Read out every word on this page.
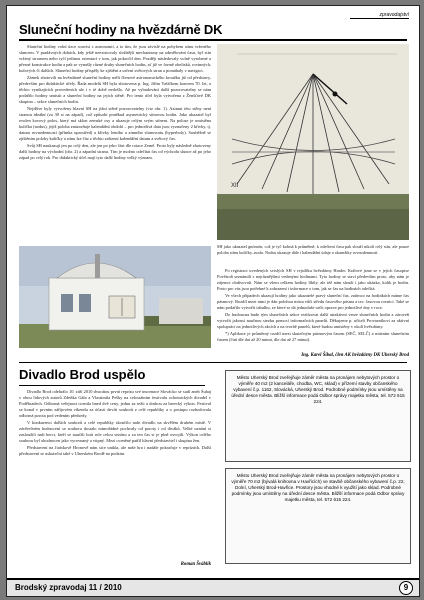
zpravodajství
Sluneční hodiny na hvězdárně DK

Sluneční hodiny volní úzce souvisí s astronomií, a to tím, že jsou závislé na pohybem stínu vrženého sluncem. V pradávných dobách, kdy ještě neexistovaly složitější mechanismy na odměřování času, byl stín vržený stromem nebo tyčí jedinou orientací v tom, jak pokročil den. Později následovaly volně vyrobené a přesné konstrukce hodin a pak se vynašly různé druhy slunečních hodin, ať již ve formě obelisků, rovinných, kulových či dalších. Sluneční hodiny přispěly ke zjištění a určení světových stran a pomáhaly v navigaci.

Zámek zhotovili na hvězdárně sluneční hodiny měli členové astronomického kroužku již od představy, především pro didaktické účely. Řada modelů SH byla zhotovena p. Ing. Jiřím Vašíčkem koncem 70. let, a těchto vynikajících provedeních ale i v té době nedošlo. Až po vybudování další pozorovatelny se nám podařilo hodiny umístit a sluneční hodiny na jejich stěně. Pro tento účel byla vytvořena z Ženšťávě DK skupina – sekce slunečních hodin.

Nejdříve byly vytvořeny hlavní SH na jižní stěně pozorovatelny (viz obr. 1). Azimut této stěny není stranou ideální (za 30 st na západ), což způsobí poněkud asymetrický stínovou hodin. Jako ukazatel byl zvolen kovový polos, který má sklon zemské osy a ukazuje celým svým stínem. Na polose je umístěna kulička (nodus), jejíž poloha znázorňuje kalendářní období – pro jednotlivá data jsou vyznačeny 2 křivky, tj. datum rovnodennosti (přímka uprostřed) a křivky letního a zimního slunovratu (hyperboly). Souběžně se zjištěním polohy kuličky a stínu lze číst z těchto zařízení kalendářní datum a světový čas.

Svůj SH naukazují jen po celý den, ale jen po jeho část dle rotace Země. Proto byly následně zhotoveny další hodiny na východní (obr. 2) a západní stranu. Tím je možno odečítat čas od východu slunce až po jeho západ po celý rok. Pro didaktický účel mají tyto další hodiny velký význam.

XII
SH jako ukazatel gnómón, což je tyč kolmá k průmětně, k odečtení času pak slouží nikoli celý stín, ale pouze poloha stínu kuličky–nodu. Nodus ukazuje dále i kalendářní údaje a okamžiky rovnodenností.

Po registraci uvedených svislých SH v rejstříku hvězdárny Hradec Králové jsme se v jejich časopise Povětroň seznámili s nejrůznějšími vedenými hodinami. Tyto hodiny se staví především proto, aby nám je zájemci obdivovali. Nám se všem celkem hodiny líbily, ale též nám slouží i jako ukázka, kolik je hodin. Proto pro vás jsou potřebné k zobrazení i informace o tom, jak se čas na hodinách odečítá.

Ve všech případech ukazují hodiny jako ukazatelé pravý sluneční čas, zatímco na hodinkách máme čas pásmový. Rozdíl mezi nimi je dán polohou místa vůči středu časového pásma a tzv. časovou rovnicí. Také se nám podařilo vytvořit tabulku, ze které se dá jednoduše určit oprava pro jednotlivé dny v roce.

Do budoucna bude tým slunečních sekce realizovat další atraktivní verze slunečních hodin a zároveň vytvořit jakousi naučnou stezku pomocí informačních panelů. Děkujeme p. učiteli Provazníkovi za aktivní spolupráci na jednotlivých akcích a na tvorbě panelů, které budou umístěny v okolí hvězdárny.

*) Aplikace je průměrný rozdíl mezi skutečným pásmovým časem (SEČ, SELČ) a místním slunečním časem (činí dle dat až 20 minut, dle dat až 27 minut).

Ing. Karel Šíbal, člen AK hvězdárny DK Uherský Brod
Divadlo Brod uspělo

Divadlo Brod odehrálo 10. září 2010 dvacátou první reprízu své inscenace Slovácko se sudí aneb Šuhaj v obou lidových autorů Zdeňka Gála a Vlastimila Pešky na celostátním festivalu ochotnických divadel v Poděbradech. Odborná veřejnost ocenila hned dvě ceny, jednu za režii a druhou za herecký výkon. Festival se konal v prvním zářijovém víkendu za účasti devíti souborů z celé republiky a o postupu rozhodovala odborná porota pod vedením předsedy.

V konkurenci dalších souborů a celé republiky skončilo naše divadlo na skvělém druhém místě. V závěrečném hodnocení se souboru dostalo mimořádné pochvaly od poroty i od diváků. Velké uznání si zasloužili naši herci, kteří se naučili hrát role celou sezónu a za ten čas si je plně osvojili. Výkon celého souboru byl ohodnocen jako vyrovnaný a vtipný. Mezi oceněné patřil hlavní představitel i skupina žen.

Představení na Jiráskově Hronově nám sice unikla, ale naše hra i nadále pokračuje v reprízách. Další představení se uskuteční také v Uherském Brodě na podzim.

Roman Šváblík
Město Uherský Brod zveřejňuje záměr města na pronájem nebytových prostor o výměře 40 m2 (2 kanceláře, chodba, WC, sklad) v přízemí stavby občanského vybavení č.p. 1162, Slovácká, Uherský Brod. Podrobné podmínky jsou umístěny na úřední desce města. Bližší informace podá Odbor správy majetku města, tel. 572 615 224.
Město Uherský Brod zveřejňuje záměr města na pronájem nebytových prostor o výměře 70 m2 (bývalá knihovna v Havřicích) ve stavbě občanského vybavení č.p. 22, Dolní, Uherský Brod-Havřice. Prostory jsou vhodné k využití jako sklad. Podrobné podmínky jsou umístěny na úřední desce města. Bližší informace podá Odbor správy majetku města, tel. 572 615 224.
Brodský zpravodaj 11 / 2010	9
